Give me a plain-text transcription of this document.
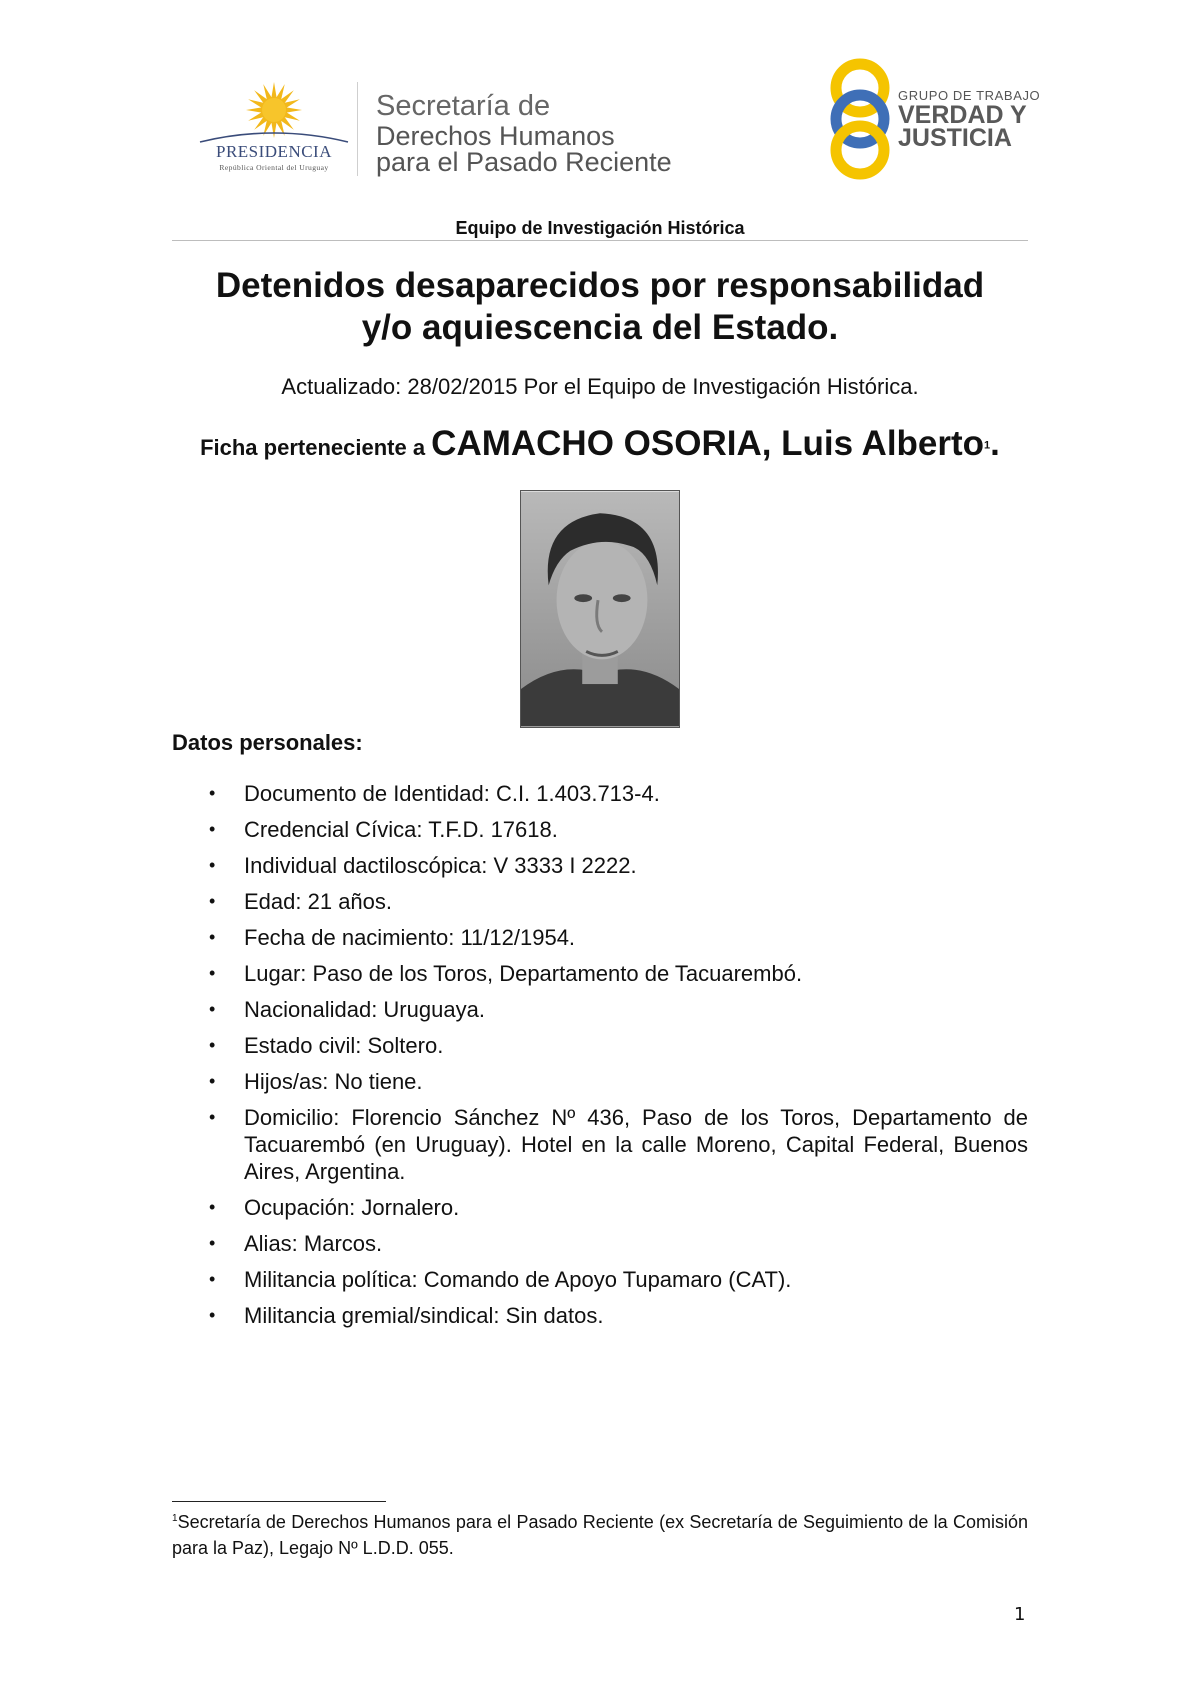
PRESIDENCIA
República Oriental del Uruguay
Secretaría de
Derechos Humanos
para el Pasado Reciente
GRUPO DE TRABAJO
VERDAD Y
JUSTICIA
Equipo de Investigación Histórica
Detenidos desaparecidos por responsabilidad
y/o aquiescencia del Estado.
Actualizado: 28/02/2015 Por el Equipo de Investigación Histórica.
Ficha perteneciente a CAMACHO OSORIA, Luis Alberto$^1$.
Datos personales:
• Documento de Identidad: C.I. 1.403.713-4.
• Credencial Cívica: T.F.D. 17618.
• Individual dactiloscópica: V 3333 I 2222.
• Edad: 21 años.
• Fecha de nacimiento: 11/12/1954.
• Lugar: Paso de los Toros, Departamento de Tacuarembó.
• Nacionalidad: Uruguaya.
• Estado civil: Soltero.
• Hijos/as: No tiene.
• Domicilio: Florencio Sánchez Nº 436, Paso de los Toros, Departamento de Tacuarembó (en Uruguay). Hotel en la calle Moreno, Capital Federal, Buenos Aires, Argentina.
• Ocupación: Jornalero.
• Alias: Marcos.
• Militancia política: Comando de Apoyo Tupamaro (CAT).
• Militancia gremial/sindical: Sin datos.
$^1$Secretaría de Derechos Humanos para el Pasado Reciente (ex Secretaría de Seguimiento de la Comisión para la Paz), Legajo Nº L.D.D. 055.
1
